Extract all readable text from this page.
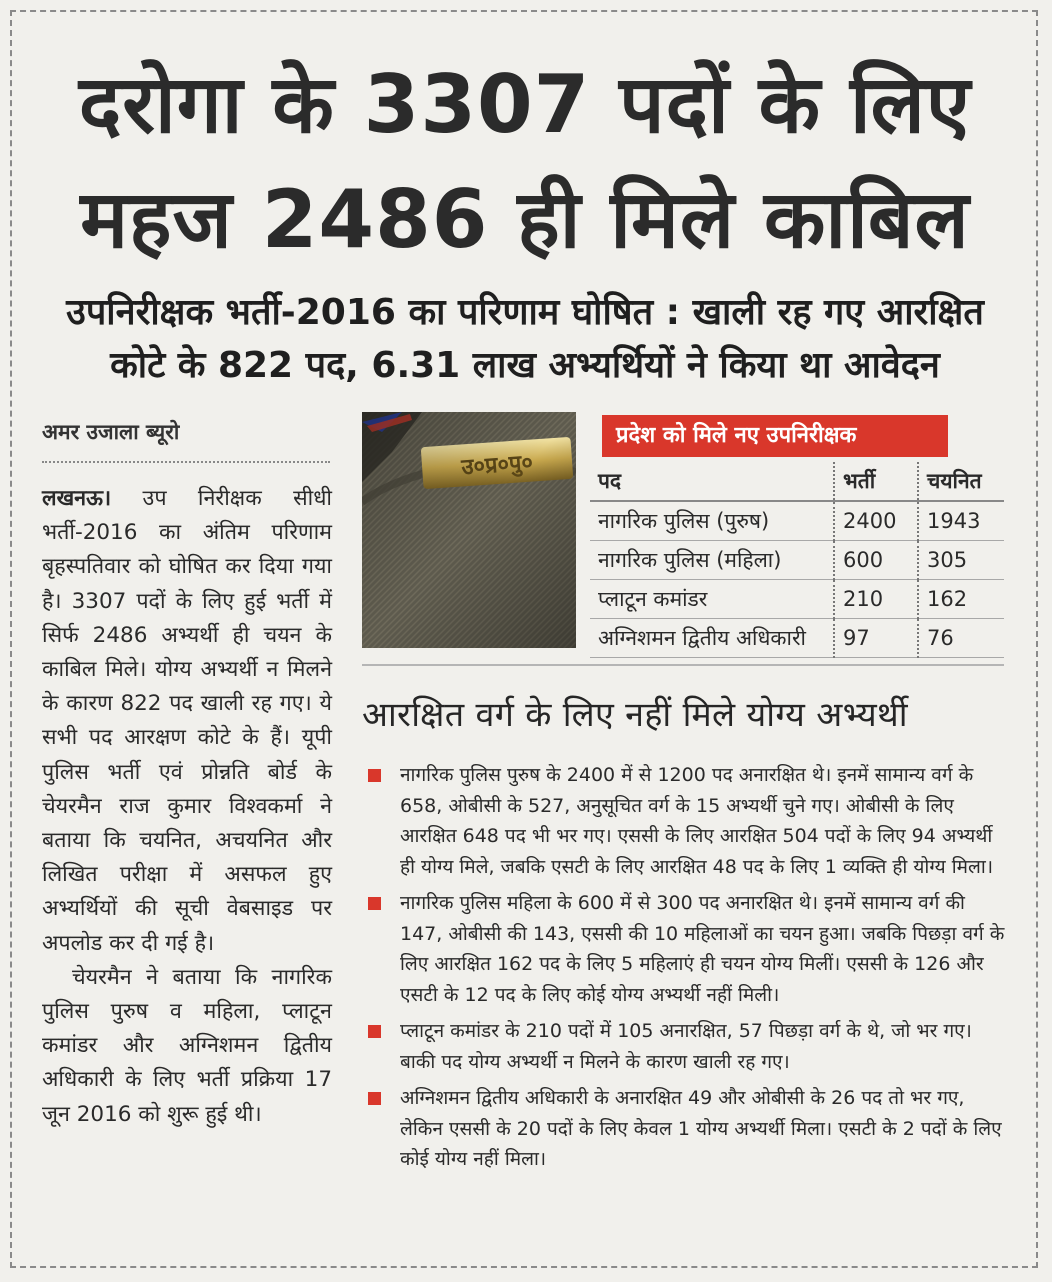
दरोगा के 3307 पदों के लिए
महज 2486 ही मिले काबिल
उपनिरीक्षक भर्ती-2016 का परिणाम घोषित : खाली रह गए आरक्षित
कोटे के 822 पद, 6.31 लाख अभ्यर्थियों ने किया था आवेदन
अमर उजाला ब्यूरो

लखनऊ। उप निरीक्षक सीधी भर्ती-2016 का अंतिम परिणाम बृहस्पतिवार को घोषित कर दिया गया है। 3307 पदों के लिए हुई भर्ती में सिर्फ 2486 अभ्यर्थी ही चयन के काबिल मिले। योग्य अभ्यर्थी न मिलने के कारण 822 पद खाली रह गए। ये सभी पद आरक्षण कोटे के हैं। यूपी पुलिस भर्ती एवं प्रोन्नति बोर्ड के चेयरमैन राज कुमार विश्वकर्मा ने बताया कि चयनित, अचयनित और लिखित परीक्षा में असफल हुए अभ्यर्थियों की सूची वेबसाइड पर अपलोड कर दी गई है।

चेयरमैन ने बताया कि नागरिक पुलिस पुरुष व महिला, प्लाटून कमांडर और अग्निशमन द्वितीय अधिकारी के लिए भर्ती प्रक्रिया 17 जून 2016 को शुरू हुई थी।

प्रदेश को मिले नए उपनिरीक्षक
पद	भर्ती	चयनित
नागरिक पुलिस (पुरुष)	2400	1943
नागरिक पुलिस (महिला)	600	305
प्लाटून कमांडर	210	162
अग्निशमन द्वितीय अधिकारी	97	76
आरक्षित वर्ग के लिए नहीं मिले योग्य अभ्यर्थी
नागरिक पुलिस पुरुष के 2400 में से 1200 पद अनारक्षित थे। इनमें सामान्य वर्ग के 658, ओबीसी के 527, अनुसूचित वर्ग के 15 अभ्यर्थी चुने गए। ओबीसी के लिए आरक्षित 648 पद भी भर गए। एससी के लिए आरक्षित 504 पदों के लिए 94 अभ्यर्थी ही योग्य मिले, जबकि एसटी के लिए आरक्षित 48 पद के लिए 1 व्यक्ति ही योग्य मिला।
नागरिक पुलिस महिला के 600 में से 300 पद अनारक्षित थे। इनमें सामान्य वर्ग की 147, ओबीसी की 143, एससी की 10 महिलाओं का चयन हुआ। जबकि पिछड़ा वर्ग के लिए आरक्षित 162 पद के लिए 5 महिलाएं ही चयन योग्य मिलीं। एससी के 126 और एसटी के 12 पद के लिए कोई योग्य अभ्यर्थी नहीं मिली।
प्लाटून कमांडर के 210 पदों में 105 अनारक्षित, 57 पिछड़ा वर्ग के थे, जो भर गए। बाकी पद योग्य अभ्यर्थी न मिलने के कारण खाली रह गए।
अग्निशमन द्वितीय अधिकारी के अनारक्षित 49 और ओबीसी के 26 पद तो भर गए, लेकिन एससी के 20 पदों के लिए केवल 1 योग्य अभ्यर्थी मिला। एसटी के 2 पदों के लिए कोई योग्य नहीं मिला।
